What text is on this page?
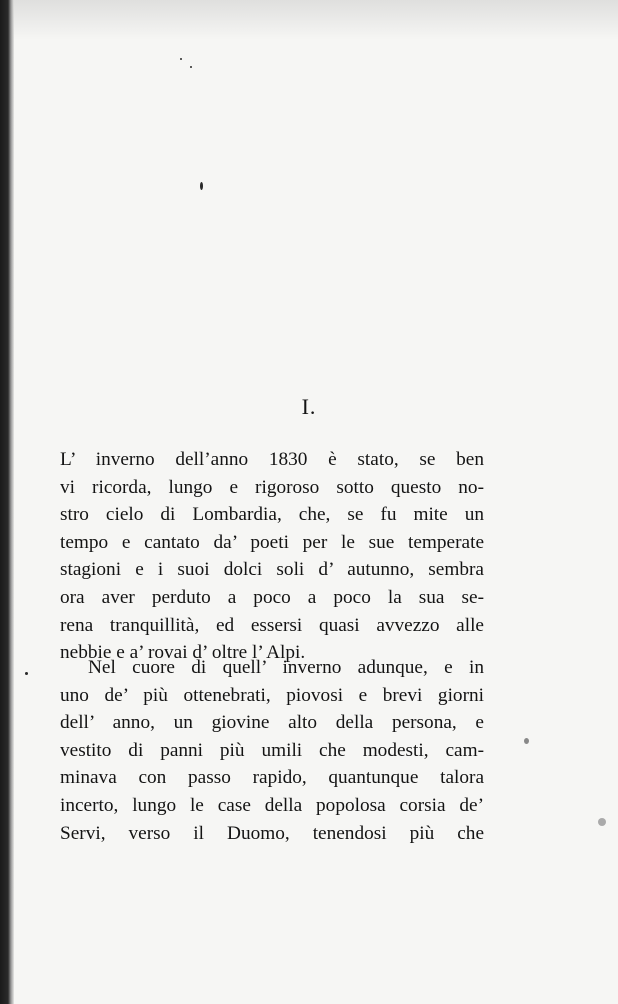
I.
L’ inverno dell’anno 1830 è stato, se ben
vi ricorda, lungo e rigoroso sotto questo no-
stro cielo di Lombardia, che, se fu mite un
tempo e cantato da’ poeti per le sue temperate
stagioni e i suoi dolci soli d’ autunno, sembra
ora aver perduto a poco a poco la sua se-
rena tranquillità, ed essersi quasi avvezzo alle
nebbie e a’ rovai d’ oltre l’ Alpi.
Nel cuore di quell’ inverno adunque, e in
uno de’ più ottenebrati, piovosi e brevi giorni
dell’ anno, un giovine alto della persona, e
vestito di panni più umili che modesti, cam-
minava con passo rapido, quantunque talora
incerto, lungo le case della popolosa corsia de’
Servi, verso il Duomo, tenendosi più che
